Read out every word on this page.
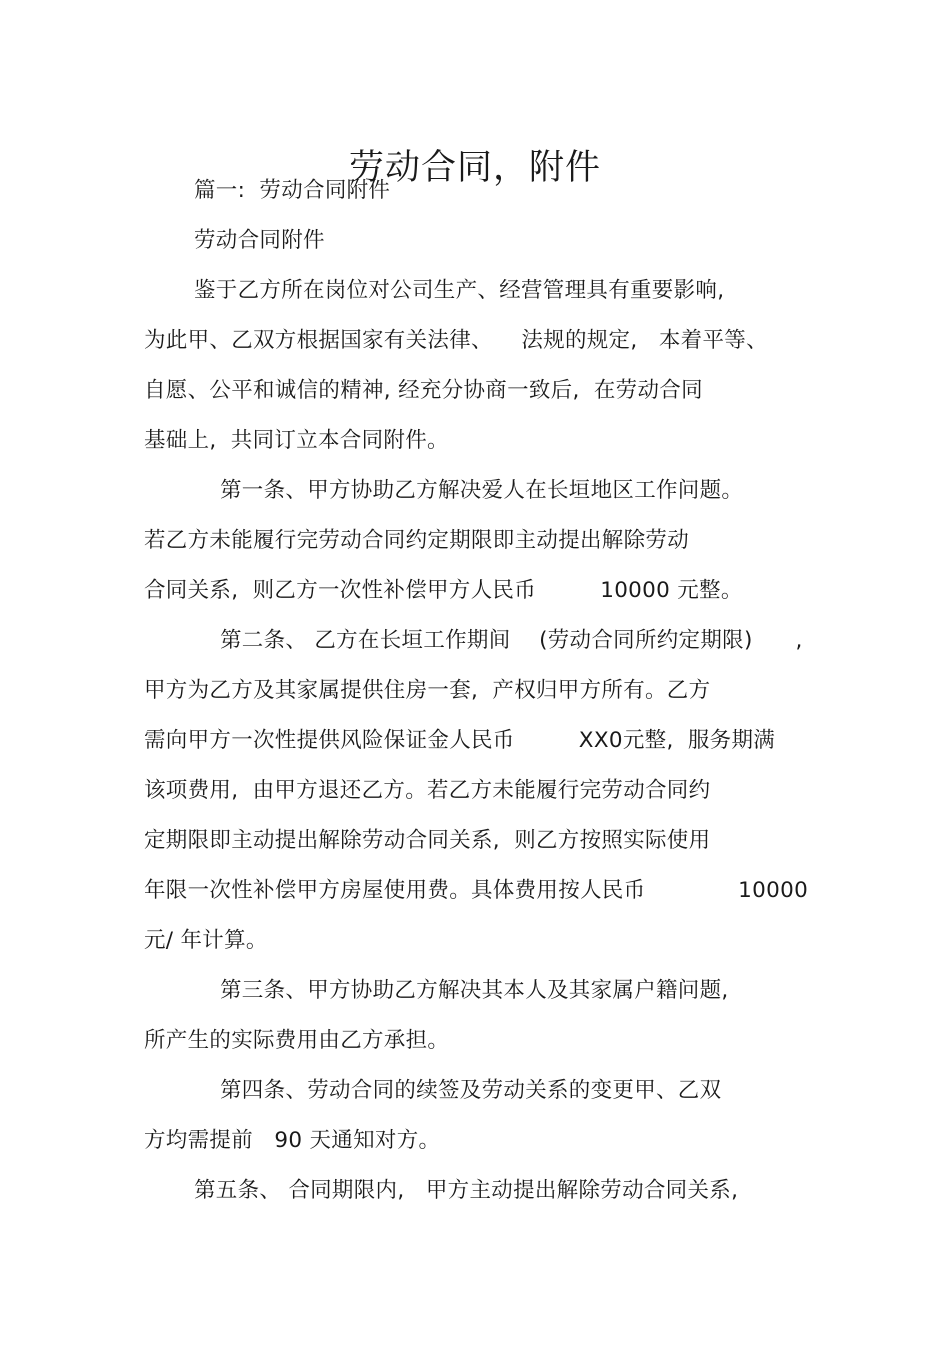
劳动合同，附件
篇一:  劳动合同附件
劳动合同附件
鉴于乙方所在岗位对公司生产、经营管理具有重要影响,
为此甲、乙双方根据国家有关法律、    法规的规定,   本着平等、
自愿、公平和诚信的精神, 经充分协商一致后,  在劳动合同
基础上,  共同订立本合同附件。
第一条、甲方协助乙方解决爱人在长垣地区工作问题。
若乙方未能履行完劳动合同约定期限即主动提出解除劳动
合同关系,  则乙方一次性补偿甲方人民币         10000 元整。
第二条、 乙方在长垣工作期间    (劳动合同所约定期限)      ,
甲方为乙方及其家属提供住房一套,  产权归甲方所有。乙方
需向甲方一次性提供风险保证金人民币         XX0元整,  服务期满
该项费用,  由甲方退还乙方。若乙方未能履行完劳动合同约
定期限即主动提出解除劳动合同关系,  则乙方按照实际使用
年限一次性补偿甲方房屋使用费。具体费用按人民币             10000
元/ 年计算。
第三条、甲方协助乙方解决其本人及其家属户籍问题,
所产生的实际费用由乙方承担。
第四条、劳动合同的续签及劳动关系的变更甲、乙双
方均需提前   90 天通知对方。
第五条、 合同期限内,   甲方主动提出解除劳动合同关系,
